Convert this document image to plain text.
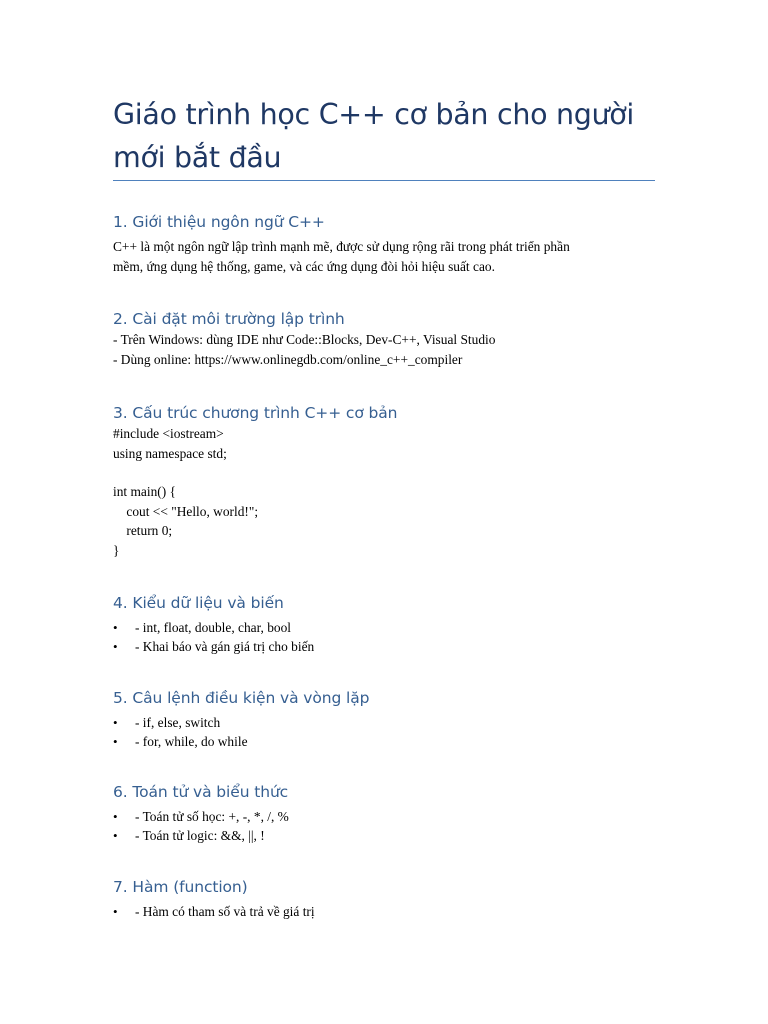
Giáo trình học C++ cơ bản cho người
mới bắt đầu
1. Giới thiệu ngôn ngữ C++

C++ là một ngôn ngữ lập trình mạnh mẽ, được sử dụng rộng rãi trong phát triển phần
mềm, ứng dụng hệ thống, game, và các ứng dụng đòi hỏi hiệu suất cao.

2. Cài đặt môi trường lập trình

- Trên Windows: dùng IDE như Code::Blocks, Dev-C++, Visual Studio
- Dùng online: https://www.onlinegdb.com/online_c++_compiler

3. Cấu trúc chương trình C++ cơ bản
#include <iostream>
using namespace std;
int main() {
cout << "Hello, world!";
return 0;
}
4. Kiểu dữ liệu và biến
• - int, float, double, char, bool
• - Khai báo và gán giá trị cho biến
5. Câu lệnh điều kiện và vòng lặp
• - if, else, switch
• - for, while, do while
6. Toán tử và biểu thức
• - Toán tử số học: +, -, *, /, %
• - Toán tử logic: &&, ||, !
7. Hàm (function)
• - Hàm có tham số và trả về giá trị
